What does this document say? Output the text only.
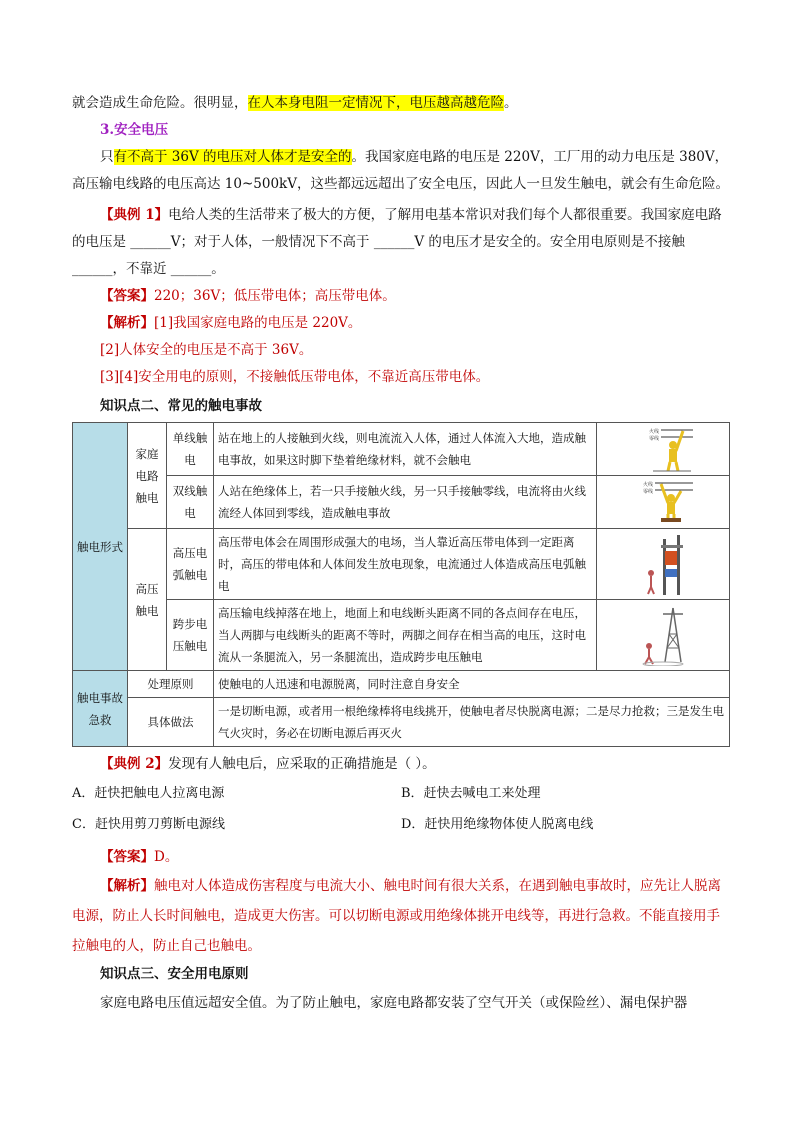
就会造成生命危险。很明显，在人本身电阻一定情况下，电压越高越危险。

3.安全电压

只有不高于 36V 的电压对人体才是安全的。我国家庭电路的电压是 220V，工厂用的动力电压是 380V，高压输电线路的电压高达 10~500kV，这些都远远超出了安全电压，因此人一旦发生触电，就会有生命危险。

【典例 1】电给人类的生活带来了极大的方便，了解用电基本常识对我们每个人都很重要。我国家庭电路的电压是 ______V；对于人体，一般情况下不高于 ______V 的电压才是安全的。安全用电原则是不接触 ______，不靠近 ______。

【答案】220；36V；低压带电体；高压带电体。

【解析】[1]我国家庭电路的电压是 220V。

[2]人体安全的电压是不高于 36V。

[3][4]安全用电的原则，不接触低压带电体，不靠近高压带电体。

知识点二、常见的触电事故

触电形式	家庭电路触电	单线触电	站在地上的人接触到火线，则电流流入人体，通过人体流入大地，造成触电事故，如果这时脚下垫着绝缘材料，就不会触电	火线
零线

		双线触电	人站在绝缘体上，若一只手接触火线，另一只手接触零线，电流将由火线流经人体回到零线，造成触电事故	火线
零线

	高压触电	高压电弧触电	高压带电体会在周围形成强大的电场，当人靠近高压带电体到一定距离时，高压的带电体和人体间发生放电现象，电流通过人体造成高压电弧触电	

		跨步电压触电	高压输电线掉落在地上，地面上和电线断头距离不同的各点间存在电压，当人两脚与电线断头的距离不等时，两脚之间存在相当高的电压，这时电流从一条腿流入，另一条腿流出，造成跨步电压触电	

触电事故急救	处理原则		使触电的人迅速和电源脱离，同时注意自身安全	
	具体做法		一是切断电源，或者用一根绝缘棒将电线挑开，使触电者尽快脱离电源；二是尽力抢救；三是发生电气火灾时，务必在切断电源后再灭火	

【典例 2】发现有人触电后，应采取的正确措施是（ ）。

A．赶快把触电人拉离电源	B．赶快去喊电工来处理
C．赶快用剪刀剪断电源线	D．赶快用绝缘物体使人脱离电线

【答案】D。

【解析】触电对人体造成伤害程度与电流大小、触电时间有很大关系，在遇到触电事故时，应先让人脱离电源，防止人长时间触电，造成更大伤害。可以切断电源或用绝缘体挑开电线等，再进行急救。不能直接用手拉触电的人，防止自己也触电。

知识点三、安全用电原则

家庭电路电压值远超安全值。为了防止触电，家庭电路都安装了空气开关（或保险丝）、漏电保护器
